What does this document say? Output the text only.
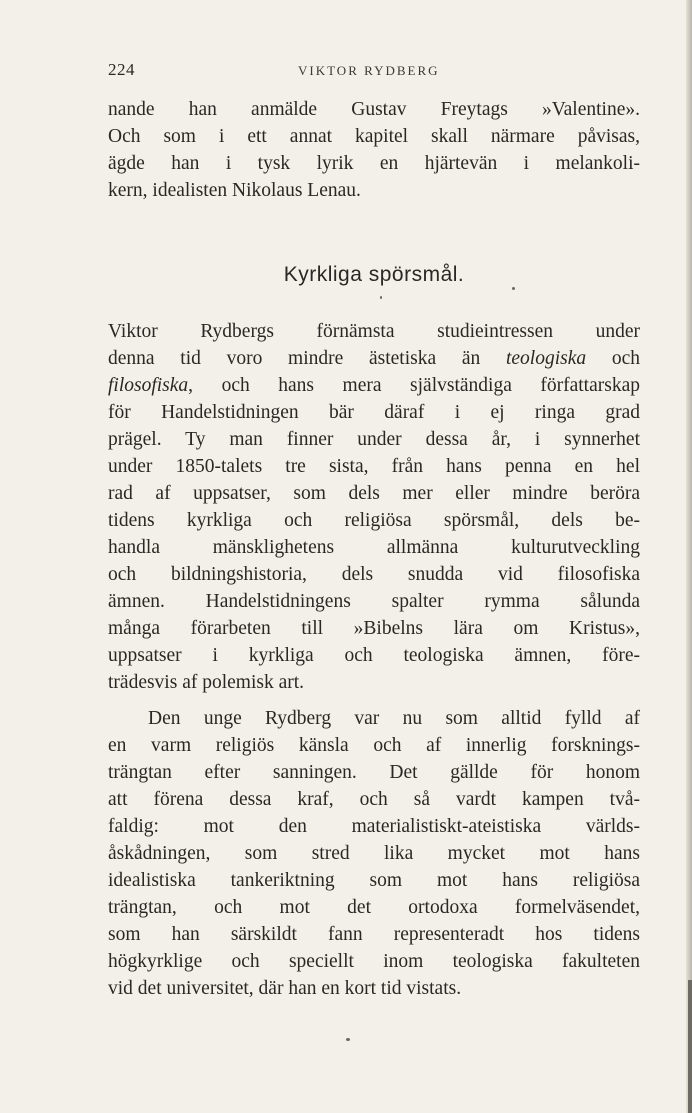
224	VIKTOR RYDBERG
nande han anmälde Gustav Freytags »Valentine».
Och som i ett annat kapitel skall närmare påvisas,
ägde han i tysk lyrik en hjärtevän i melankoli-
kern, idealisten Nikolaus Lenau.
Kyrkliga spörsmål.
Viktor Rydbergs förnämsta studieintressen under
denna tid voro mindre ästetiska än teologiska och
filosofiska, och hans mera självständiga författarskap
för Handelstidningen bär däraf i ej ringa grad
prägel. Ty man finner under dessa år, i synnerhet
under 1850-talets tre sista, från hans penna en hel
rad af uppsatser, som dels mer eller mindre beröra
tidens kyrkliga och religiösa spörsmål, dels be-
handla mänsklighetens allmänna kulturutveckling
och bildningshistoria, dels snudda vid filosofiska
ämnen. Handelstidningens spalter rymma sålunda
många förarbeten till »Bibelns lära om Kristus»,
uppsatser i kyrkliga och teologiska ämnen, före-
trädesvis af polemisk art.
Den unge Rydberg var nu som alltid fylld af
en varm religiös känsla och af innerlig forsknings-
trängtan efter sanningen. Det gällde för honom
att förena dessa kraf, och så vardt kampen två-
faldig: mot den materialistiskt-ateistiska världs-
åskådningen, som stred lika mycket mot hans
idealistiska tankeriktning som mot hans religiösa
trängtan, och mot det ortodoxa formelväsendet,
som han särskildt fann representeradt hos tidens
högkyrklige och speciellt inom teologiska fakulteten
vid det universitet, där han en kort tid vistats.
